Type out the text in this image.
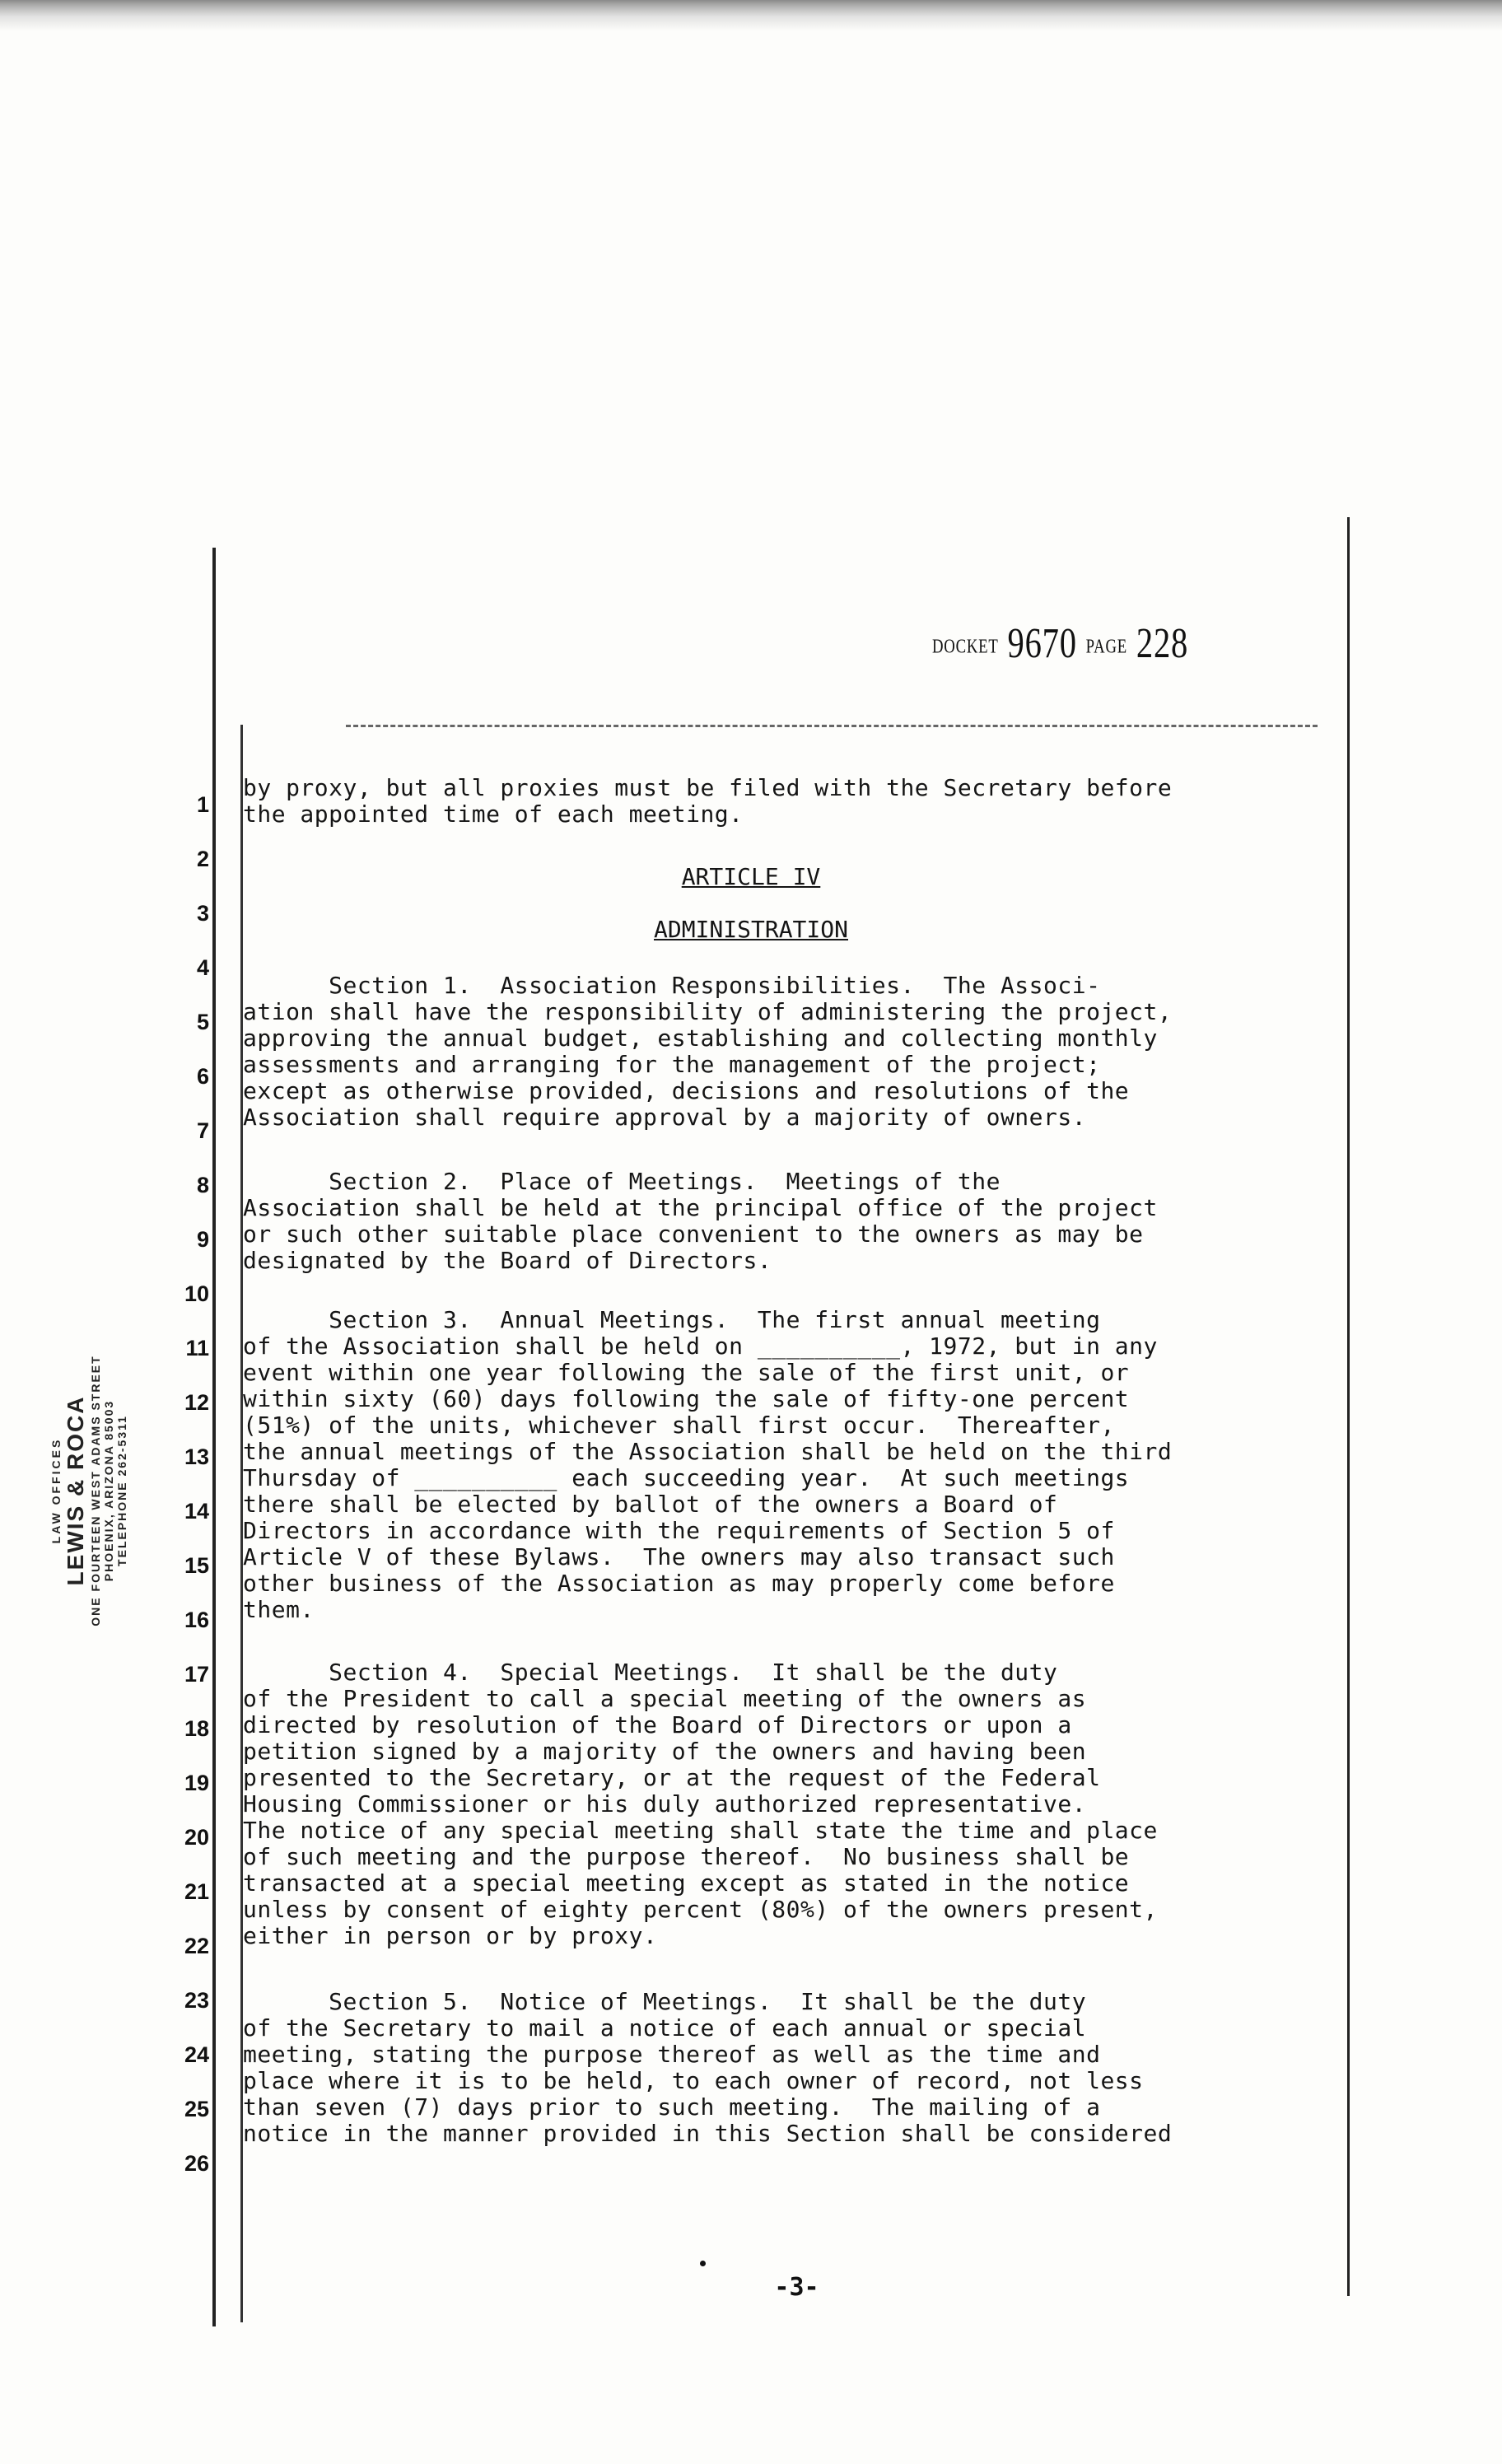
DOCKET 9670 PAGE 228
LAW OFFICES LEWIS & ROCA ONE FOURTEEN WEST ADAMS STREET PHOENIX, ARIZONA 85003 TELEPHONE 262-5311
1
2
3
4
5
6
7
8
9
10
11
12
13
14
15
16
17
18
19
20
21
22
23
24
25
26
by proxy, but all proxies must be filed with the Secretary before
the appointed time of each meeting.
ARTICLE IV
ADMINISTRATION
Section 1.  Association Responsibilities.  The Associ-
ation shall have the responsibility of administering the project,
approving the annual budget, establishing and collecting monthly
assessments and arranging for the management of the project;
except as otherwise provided, decisions and resolutions of the
Association shall require approval by a majority of owners.
Section 2.  Place of Meetings.  Meetings of the
Association shall be held at the principal office of the project
or such other suitable place convenient to the owners as may be
designated by the Board of Directors.
Section 3.  Annual Meetings.  The first annual meeting
of the Association shall be held on __________, 1972, but in any
event within one year following the sale of the first unit, or
within sixty (60) days following the sale of fifty-one percent
(51%) of the units, whichever shall first occur.  Thereafter,
the annual meetings of the Association shall be held on the third
Thursday of __________ each succeeding year.  At such meetings
there shall be elected by ballot of the owners a Board of
Directors in accordance with the requirements of Section 5 of
Article V of these Bylaws.  The owners may also transact such
other business of the Association as may properly come before
them.
Section 4.  Special Meetings.  It shall be the duty
of the President to call a special meeting of the owners as
directed by resolution of the Board of Directors or upon a
petition signed by a majority of the owners and having been
presented to the Secretary, or at the request of the Federal
Housing Commissioner or his duly authorized representative.
The notice of any special meeting shall state the time and place
of such meeting and the purpose thereof.  No business shall be
transacted at a special meeting except as stated in the notice
unless by consent of eighty percent (80%) of the owners present,
either in person or by proxy.
Section 5.  Notice of Meetings.  It shall be the duty
of the Secretary to mail a notice of each annual or special
meeting, stating the purpose thereof as well as the time and
place where it is to be held, to each owner of record, not less
than seven (7) days prior to such meeting.  The mailing of a
notice in the manner provided in this Section shall be considered
-3-
